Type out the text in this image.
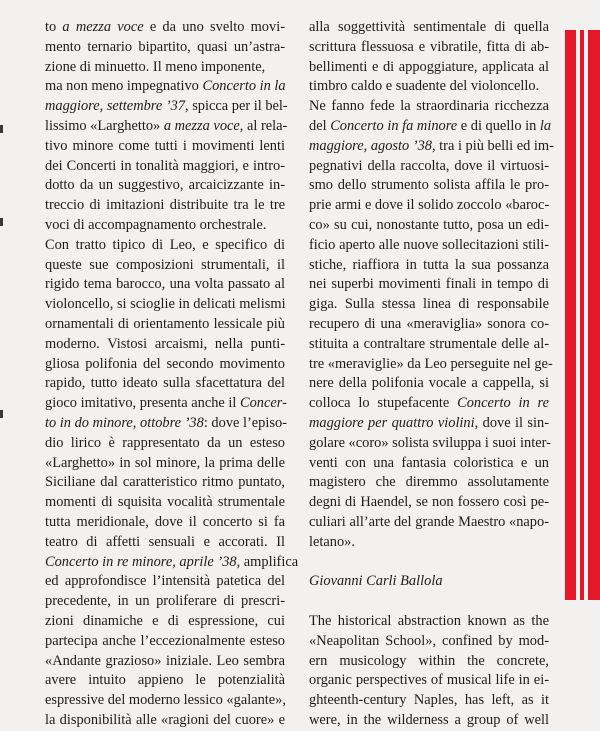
to a mezza voce e da uno svelto movi-
mento ternario bipartito, quasi un’astra-
zione di minuetto. Il meno imponente,
ma non meno impegnativo Concerto in la
maggiore, settembre ’37, spicca per il bel-
lissimo «Larghetto» a mezza voce, al rela-
tivo minore come tutti i movimenti lenti
dei Concerti in tonalità maggiori, e intro-
dotto da un suggestivo, arcaicizzante in-
treccio di imitazioni distribuite tra le tre
voci di accompagnamento orchestrale.
Con tratto tipico di Leo, e specifico di
queste sue composizioni strumentali, il
rigido tema barocco, una volta passato al
violoncello, si scioglie in delicati melismi
ornamentali di orientamento lessicale più
moderno. Vistosi arcaismi, nella punti-
gliosa polifonia del secondo movimento
rapido, tutto ideato sulla sfacettatura del
gioco imitativo, presenta anche il Concer-
to in do minore, ottobre ’38: dove l’episo-
dio lirico è rappresentato da un esteso
«Larghetto» in sol minore, la prima delle
Siciliane dal caratteristico ritmo puntato,
momenti di squisita vocalità strumentale
tutta meridionale, dove il concerto si fa
teatro di affetti sensuali e accorati. Il
Concerto in re minore, aprile ’38, amplifica
ed approfondisce l’intensità patetica del
precedente, in un proliferare di prescri-
zioni dinamiche e di espressione, cui
partecipa anche l’eccezionalmente esteso
«Andante grazioso» iniziale. Leo sembra
avere intuito appieno le potenzialità
espressive del moderno lessico «galante»,
la disponibilità alle «ragioni del cuore» e
alla soggettività sentimentale di quella
scrittura flessuosa e vibratile, fitta di ab-
bellimenti e di appoggiature, applicata al
timbro caldo e suadente del violoncello.
Ne fanno fede la straordinaria ricchezza
del Concerto in fa minore e di quello in la
maggiore, agosto ’38, tra i più belli ed im-
pegnativi della raccolta, dove il virtuosi-
smo dello strumento solista affila le pro-
prie armi e dove il solido zoccolo «baroc-
co» su cui, nonostante tutto, posa un edi-
ficio aperto alle nuove sollecitazioni stili-
stiche, riaffiora in tutta la sua possanza
nei superbi movimenti finali in tempo di
giga. Sulla stessa linea di responsabile
recupero di una «meraviglia» sonora co-
stituita a contraltare strumentale delle al-
tre «meraviglie» da Leo perseguite nel ge-
nere della polifonia vocale a cappella, si
colloca lo stupefacente Concerto in re
maggiore per quattro violini, dove il sin-
golare «coro» solista sviluppa i suoi inter-
venti con una fantasia coloristica e un
magistero che diremmo assolutamente
degni di Haendel, se non fossero così pe-
culiari all’arte del grande Maestro «napo-
letano».
Giovanni Carli Ballola
The historical abstraction known as the
«Neapolitan School», confined by mod-
ern musicology within the concrete,
organic perspectives of musical life in ei-
ghteenth-century Naples, has left, as it
were, in the wilderness a group of well
